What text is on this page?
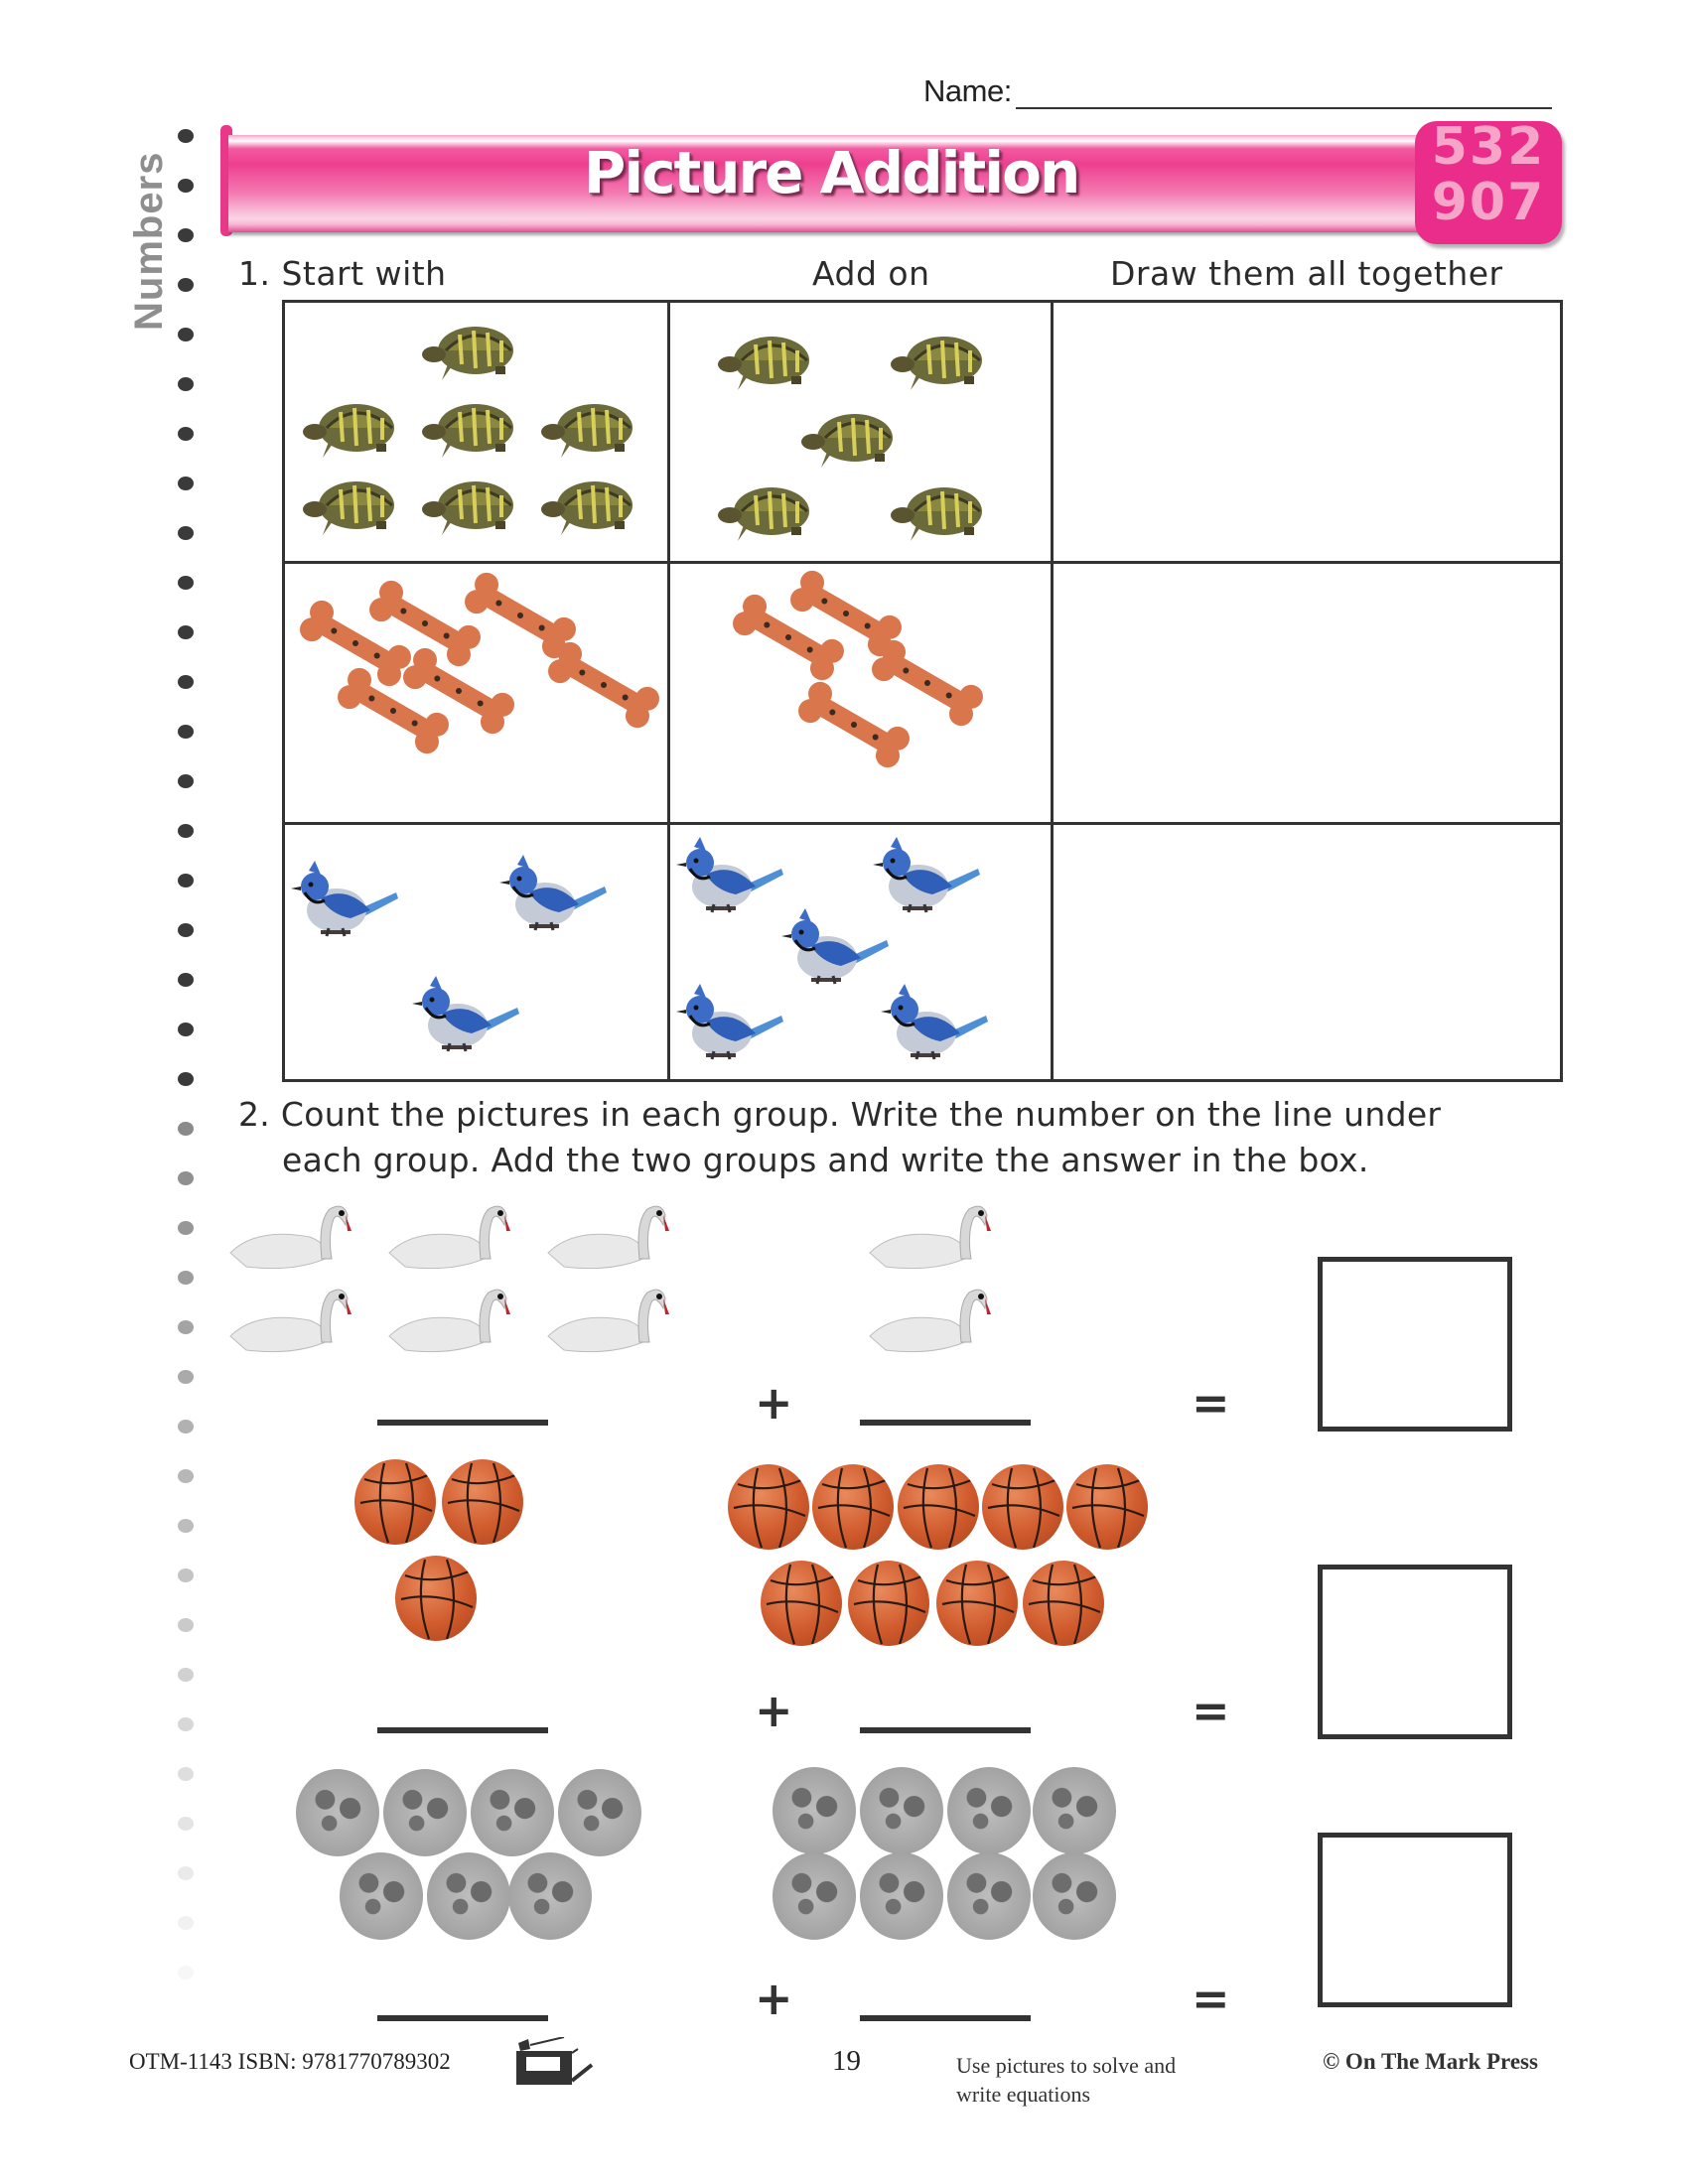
Name:
Numbers	Picture Addition	532
907
1. Start with	Add on	Draw them all together
2. Count the pictures in each group. Write the number on the line under
each group. Add the two groups and write the answer in the box.
+	=
+	=
+	=
OTM-1143 ISBN: 9781770789302	19	Use pictures to solve and
write equations
© On The Mark Press
